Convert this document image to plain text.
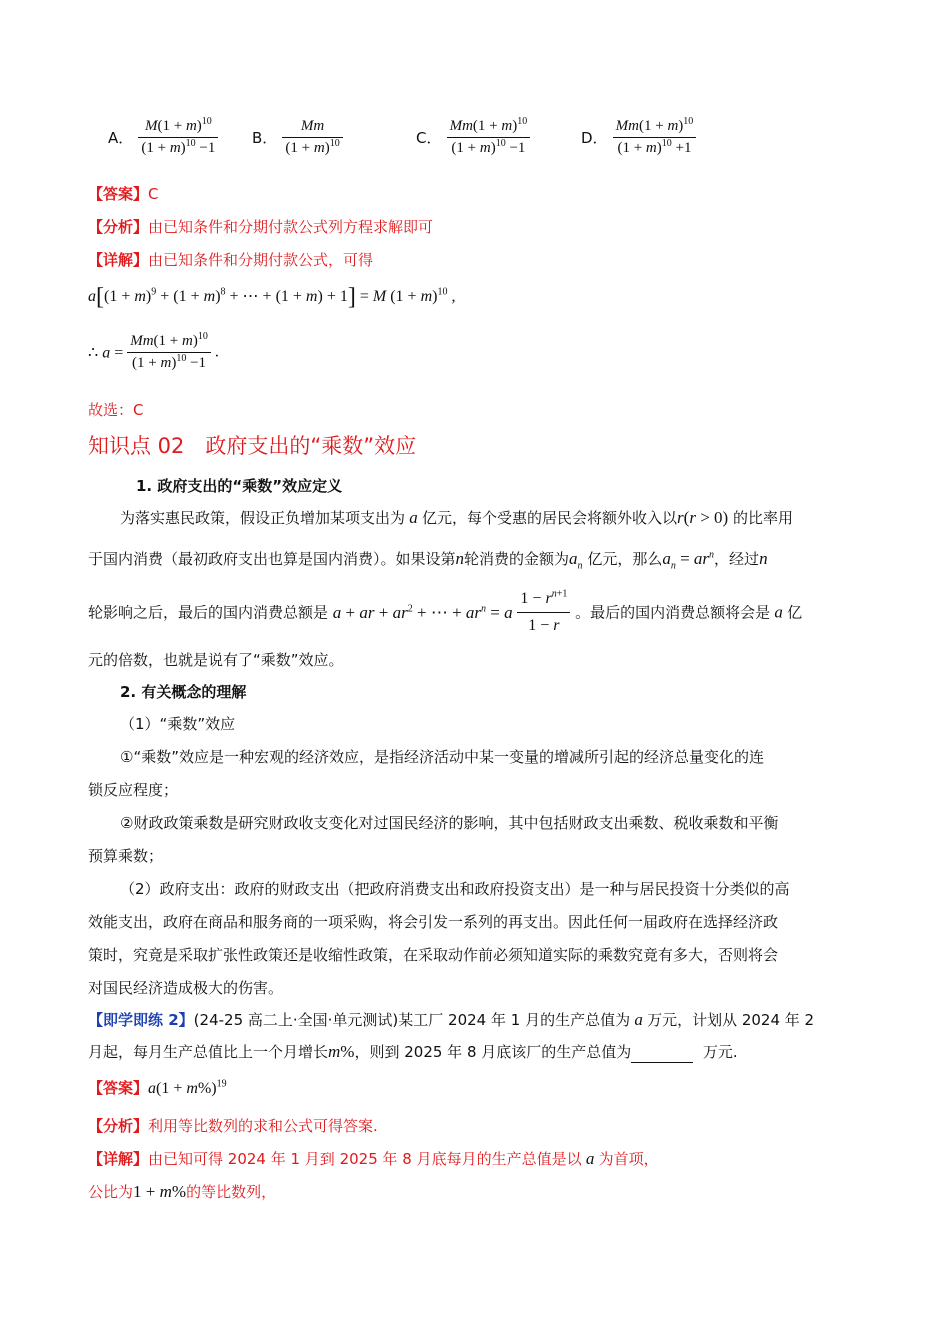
A． $\frac{M(1 + m)^{10}}{(1 + m)^{10} -1}$ B． $\frac{Mm}{(1 + m)^{10}}$	C． $\frac{Mm(1 + m)^{10}}{(1 + m)^{10} -1}$	D． $\frac{Mm(1 + m)^{10}}{(1 + m)^{10} +1}$
【答案】C
【分析】由已知条件和分期付款公式列方程求解即可
【详解】由已知条件和分期付款公式，可得
$a[(1 + m)^9 + (1 + m)^8$ + ⋯ + (1 + m) + 1] = M $(1 + m)^{10}$ ,
∴ $a = \frac{Mm(1 + m)^{10}}{(1 + m)^{10} -1}$ .
故选：C
知识点 02　政府支出的“乘数”效应
1. 政府支出的“乘数”效应定义
为落实惠民政策，假设正负增加某项支出为 a 亿元，每个受惠的居民会将额外收入以r(r > 0) 的比率用
于国内消费（最初政府支出也算是国内消费）。如果设第n轮消费的金额为$a_n$ 亿元，那么$a_n = ar^n$，经过n
轮影响之后，最后的国内消费总额是 a + ar + $ar^2$ + ⋯ + $ar^n = a \frac{1 - r^{n+1}}{1 - r}$ 。最后的国内消费总额将会是 a 亿
元的倍数，也就是说有了“乘数”效应。
2. 有关概念的理解
（1）“乘数”效应
①“乘数”效应是一种宏观的经济效应，是指经济活动中某一变量的增减所引起的经济总量变化的连
锁反应程度；
②财政政策乘数是研究财政收支变化对过国民经济的影响，其中包括财政支出乘数、税收乘数和平衡
预算乘数；
（2）政府支出：政府的财政支出（把政府消费支出和政府投资支出）是一种与居民投资十分类似的高
效能支出，政府在商品和服务商的一项采购，将会引发一系列的再支出。因此任何一届政府在选择经济政
策时，究竟是采取扩张性政策还是收缩性政策，在采取动作前必须知道实际的乘数究竟有多大，否则将会
对国民经济造成极大的伤害。
【即学即练 2】(24-25 高二上·全国·单元测试)某工厂 2024 年 1 月的生产总值为 a 万元，计划从 2024 年 2
月起，每月生产总值比上一个月增长m%，则到 2025 年 8 月底该厂的生产总值为	万元.
【答案】$a(1 + m\%)^{19}$
【分析】利用等比数列的求和公式可得答案.
【详解】由已知可得 2024 年 1 月到 2025 年 8 月底每月的生产总值是以 a 为首项，
公比为1 + m%的等比数列，
